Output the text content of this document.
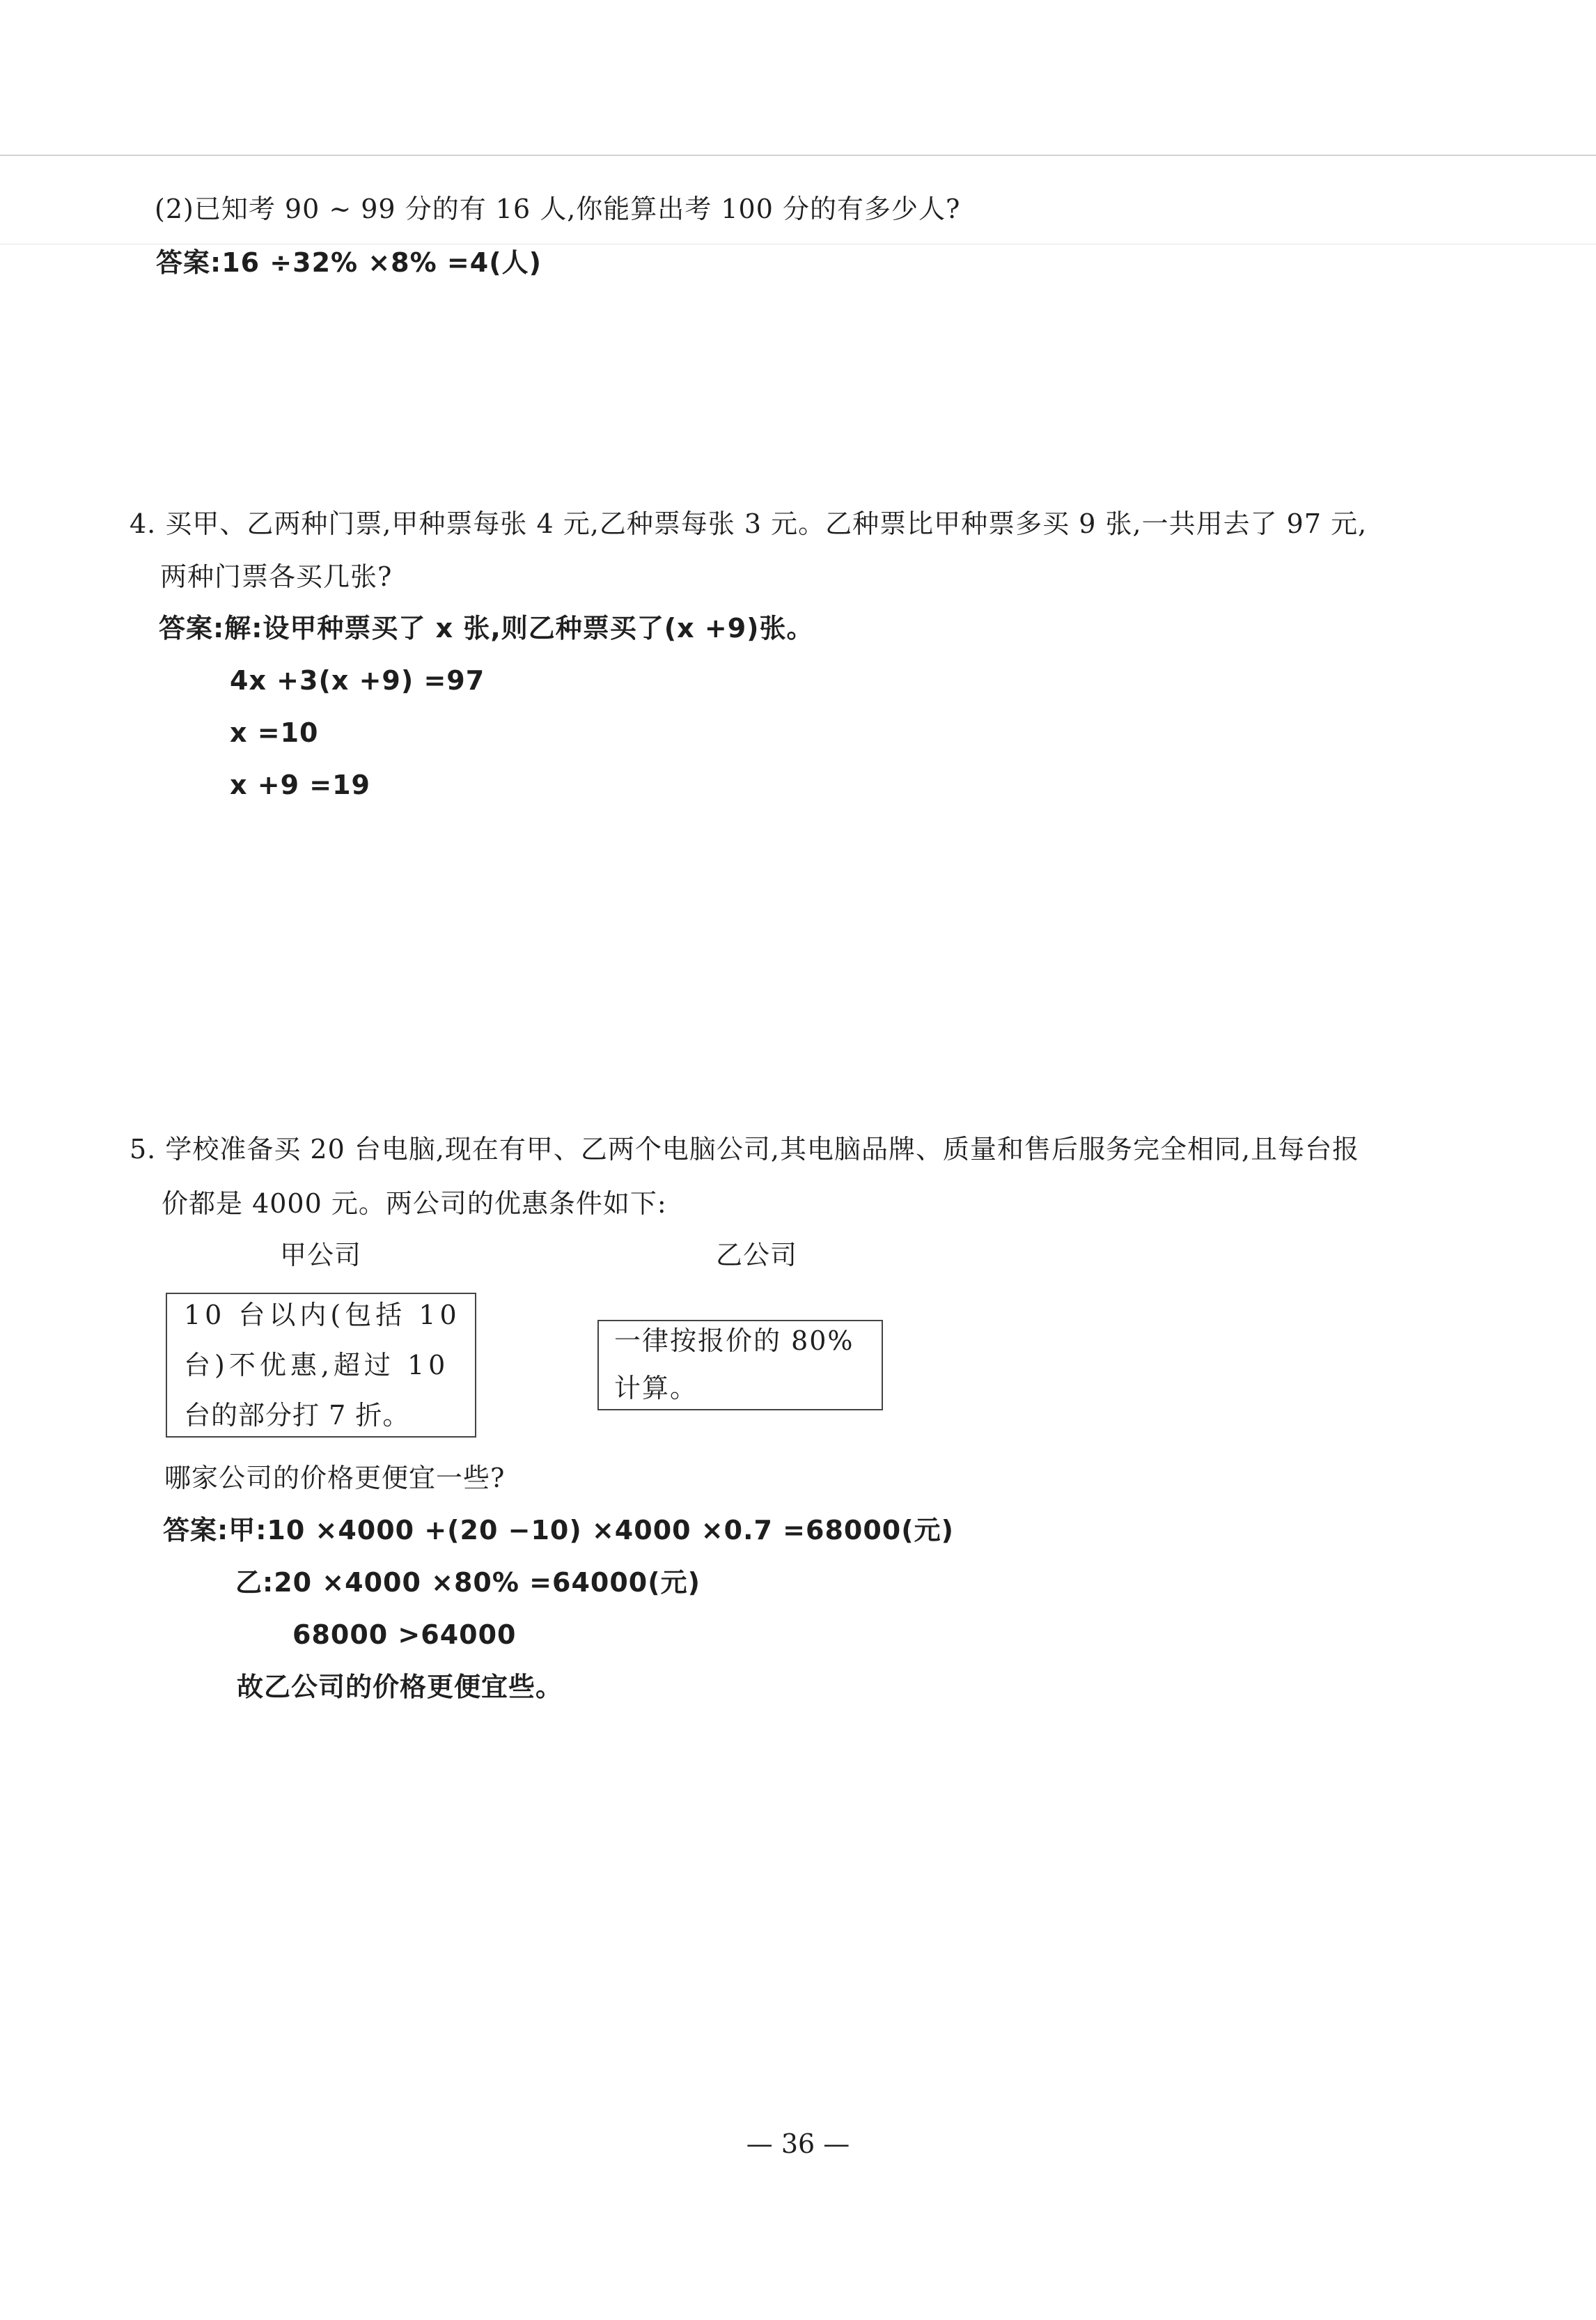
(2)已知考 90 ~ 99 分的有 16 人,你能算出考 100 分的有多少人?
答案:16 ÷32% ×8% =4(人)
4. 买甲、乙两种门票,甲种票每张 4 元,乙种票每张 3 元。乙种票比甲种票多买 9 张,一共用去了 97 元,
两种门票各买几张?
答案:解:设甲种票买了 x 张,则乙种票买了(x +9)张。
4x +3(x +9) =97
x =10
x +9 =19
5. 学校准备买 20 台电脑,现在有甲、乙两个电脑公司,其电脑品牌、质量和售后服务完全相同,且每台报
价都是 4000 元。两公司的优惠条件如下:
甲公司	乙公司
10 台以内(包括 10
台)不优惠,超过 10
台的部分打 7 折。
一律按报价的 80%
计算。
哪家公司的价格更便宜一些?
答案:甲:10 ×4000 +(20 −10) ×4000 ×0.7 =68000(元)
乙:20 ×4000 ×80% =64000(元)
68000 >64000
故乙公司的价格更便宜些。
— 36 —
